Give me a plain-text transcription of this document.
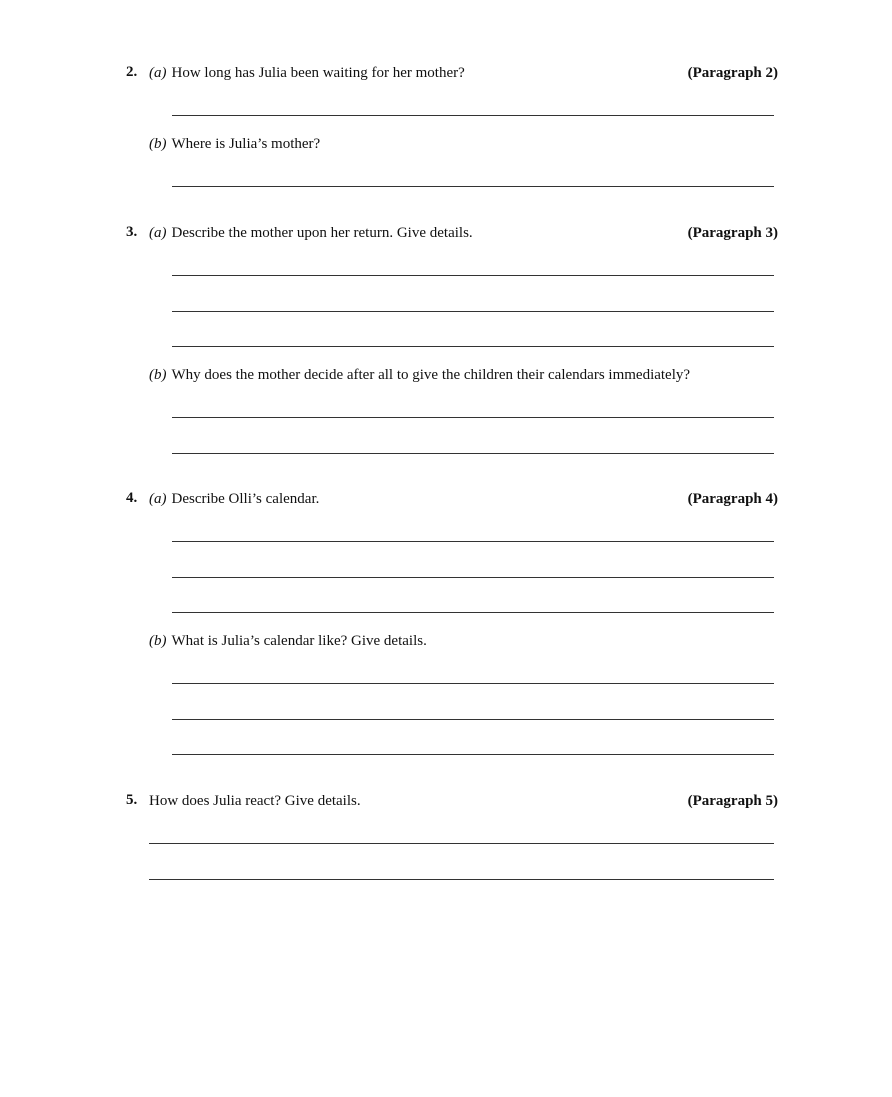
2. (a) How long has Julia been waiting for her mother?	(Paragraph 2)
(b) Where is Julia’s mother?
3. (a) Describe the mother upon her return. Give details.	(Paragraph 3)
(b) Why does the mother decide after all to give the children their calendars immediately?
4. (a) Describe Olli’s calendar.	(Paragraph 4)
(b) What is Julia’s calendar like? Give details.
5. How does Julia react? Give details.	(Paragraph 5)
